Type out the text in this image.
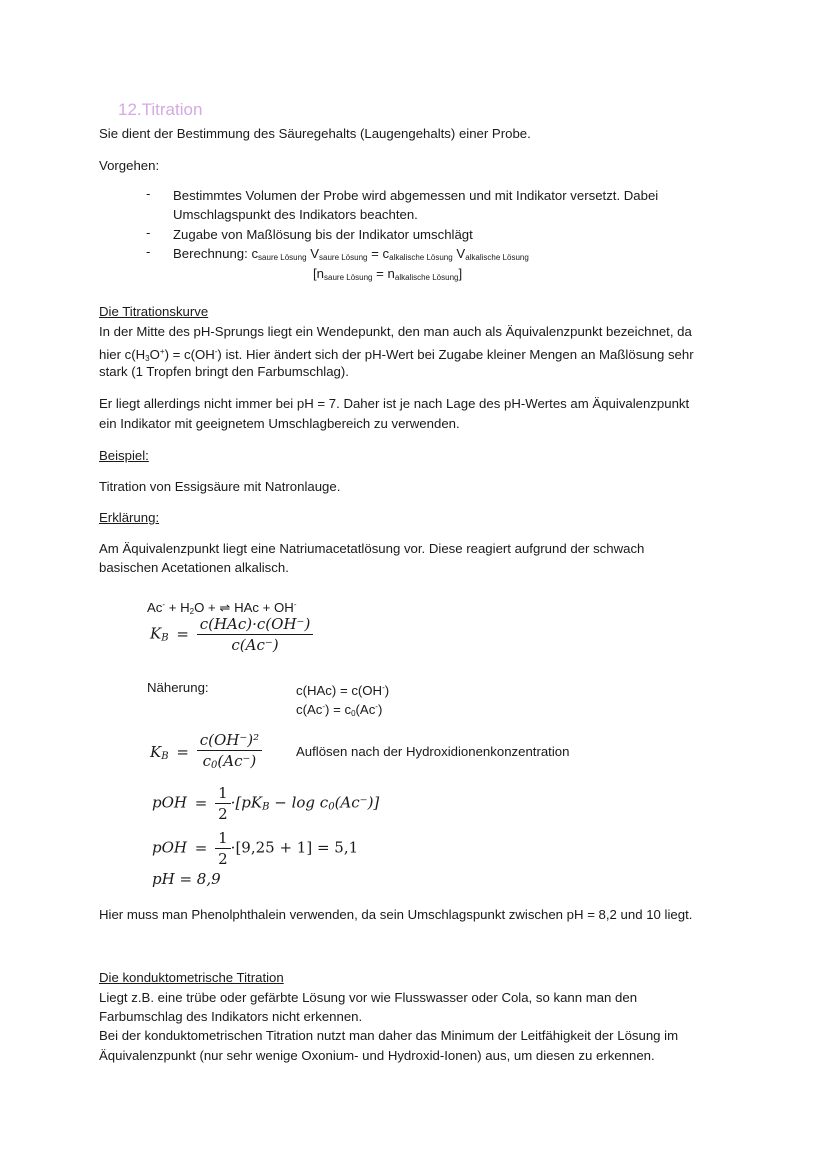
12.Titration
Sie dient der Bestimmung des Säuregehalts (Laugengehalts) einer Probe.
Vorgehen:
- Bestimmtes Volumen der Probe wird abgemessen und mit Indikator versetzt. Dabei
Umschlagspunkt des Indikators beachten.
- Zugabe von Maßlösung bis der Indikator umschlägt
- Berechnung: $c_{saure Lösung}$ $V_{saure Lösung} = c_{alkalische Lösung}$ $V_{alkalische Lösung}$
$[n_{saure Lösung} = n_{alkalische Lösung}]$
Die Titrationskurve
In der Mitte des pH-Sprungs liegt ein Wendepunkt, den man auch als Äquivalenzpunkt bezeichnet, da
hier $c(H_3O^+) = c(OH^-)$ ist. Hier ändert sich der pH-Wert bei Zugabe kleiner Mengen an Maßlösung sehr
stark (1 Tropfen bringt den Farbumschlag).
Er liegt allerdings nicht immer bei pH = 7. Daher ist je nach Lage des pH-Wertes am Äquivalenzpunkt
ein Indikator mit geeignetem Umschlagbereich zu verwenden.
Beispiel:
Titration von Essigsäure mit Natronlauge.
Erklärung:
Am Äquivalenzpunkt liegt eine Natriumacetatlösung vor. Diese reagiert aufgrund der schwach
basischen Acetationen alkalisch.
$Ac^- + H_2O$ + ⇌ HAc + OH-
$K_B = \frac{\text{c(HAc)·c(OH⁻)}}{c(Ac^-)}$
Näherung:	c(HAc) = c(OH-)
$c(Ac^-) = c_0(Ac^-)$
$K_B = \frac{\text{c(OH⁻)²}}{c_0(Ac^-)}$	Auflösen nach der Hydroxidionenkonzentration
pOH = $\frac{1}{2} \cdot[pK_B - \log c_0(Ac^-)]$
pOH = $\frac{1}{2} \cdot[9,25 + 1] = 5,1$
pH = 8,9
Hier muss man Phenolphthalein verwenden, da sein Umschlagspunkt zwischen pH = 8,2 und 10 liegt.
Die konduktometrische Titration
Liegt z.B. eine trübe oder gefärbte Lösung vor wie Flusswasser oder Cola, so kann man den
Farbumschlag des Indikators nicht erkennen.
Bei der konduktometrischen Titration nutzt man daher das Minimum der Leitfähigkeit der Lösung im
Äquivalenzpunkt (nur sehr wenige Oxonium- und Hydroxid-Ionen) aus, um diesen zu erkennen.
